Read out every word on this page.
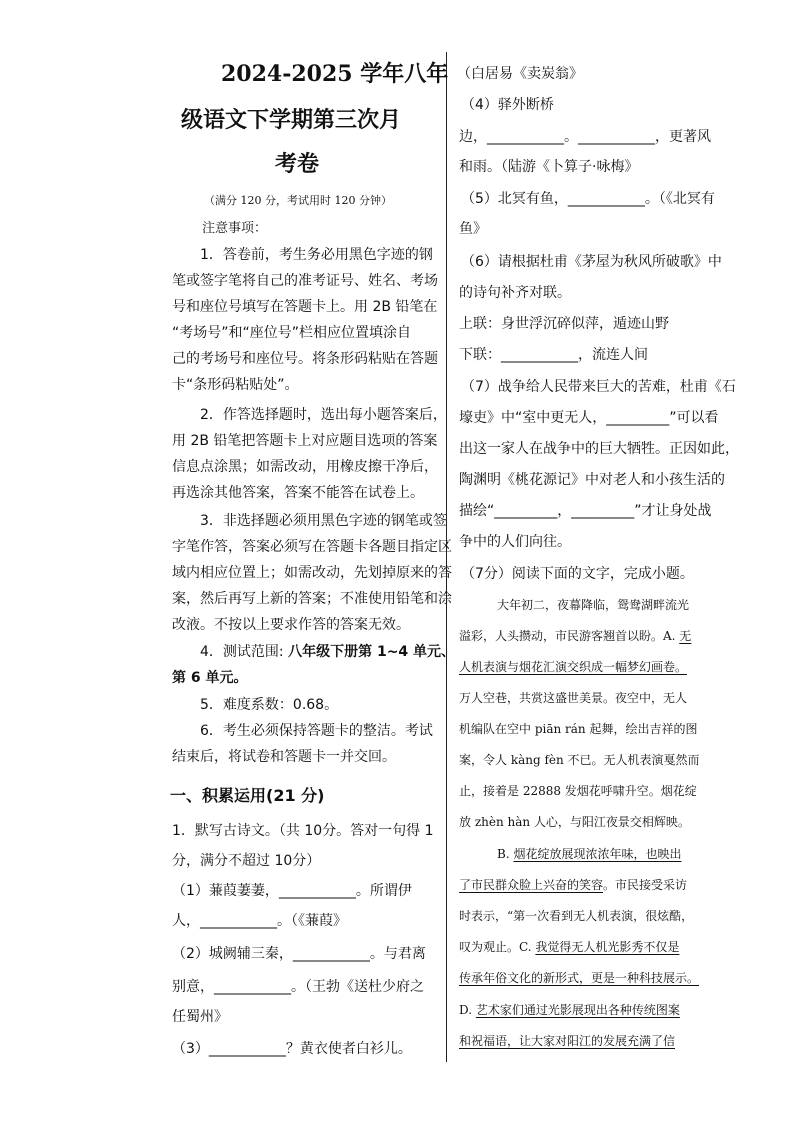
2024-2025 学年八年
级语文下学期第三次月
考卷
（满分 120 分，考试用时 120 分钟）
注意事项：
1．答卷前，考生务必用黑色字迹的钢
笔或签字笔将自己的准考证号、姓名、考场
号和座位号填写在答题卡上。用 2B 铅笔在
“考场号”和“座位号”栏相应位置填涂自
己的考场号和座位号。将条形码粘贴在答题
卡“条形码粘贴处”。
2．作答选择题时，选出每小题答案后，
用 2B 铅笔把答题卡上对应题目选项的答案
信息点涂黑；如需改动，用橡皮擦干净后，
再选涂其他答案，答案不能答在试卷上。
3．非选择题必须用黑色字迹的钢笔或签
字笔作答，答案必须写在答题卡各题目指定区
域内相应位置上；如需改动，先划掉原来的答
案，然后再写上新的答案；不准使用铅笔和涂
改液。不按以上要求作答的答案无效。
4．测试范围: 八年级下册第 1~4 单元、
第 6 单元。
5．难度系数：0.68。
6．考生必须保持答题卡的整洁。考试
结束后，将试卷和答题卡一并交回。
一、积累运用(21 分)
1．默写古诗文。（共 10分。答对一句得 1
分，满分不超过 10分）
（1）蒹葭萋萋，___________。所谓伊
人，___________。（《蒹葭》
（2）城阙辅三秦，___________。与君离
别意，___________。（王勃《送杜少府之
任蜀州》
（3）___________？黄衣使者白衫儿。
（白居易《卖炭翁》
（4）驿外断桥
边，___________。___________，更著风
和雨。（陆游《卜算子·咏梅》
（5）北冥有鱼，___________。（《北冥有
鱼》
（6）请根据杜甫《茅屋为秋风所破歌》中
的诗句补齐对联。
上联：身世浮沉碎似萍，遁迹山野
下联：___________，流连人间
（7）战争给人民带来巨大的苦难，杜甫《石
壕吏》中“室中更无人，_________”可以看
出这一家人在战争中的巨大牺牲。正因如此，
陶渊明《桃花源记》中对老人和小孩生活的
描绘“_________，_________”才让身处战
争中的人们向往。
（7分）阅读下面的文字，完成小题。
大年初二，夜幕降临，鸳鸯湖畔流光
溢彩，人头攒动，市民游客翘首以盼。A. 无
人机表演与烟花汇演交织成一幅梦幻画卷。
万人空巷，共赏这盛世美景。夜空中，无人
机编队在空中 piān rán 起舞，绘出吉祥的图
案，令人 kàng fèn 不已。无人机表演戛然而
止，接着是 22888 发烟花呼啸升空。烟花绽
放 zhèn hàn 人心，与阳江夜景交相辉映。
B. 烟花绽放展现浓浓年味，也映出
了市民群众脸上兴奋的笑容。市民接受采访
时表示，“第一次看到无人机表演，很炫酷，
叹为观止。C. 我觉得无人机光影秀不仅是
传承年俗文化的新形式，更是一种科技展示。
D. 艺术家们通过光影展现出各种传统图案
和祝福语，让大家对阳江的发展充满了信
